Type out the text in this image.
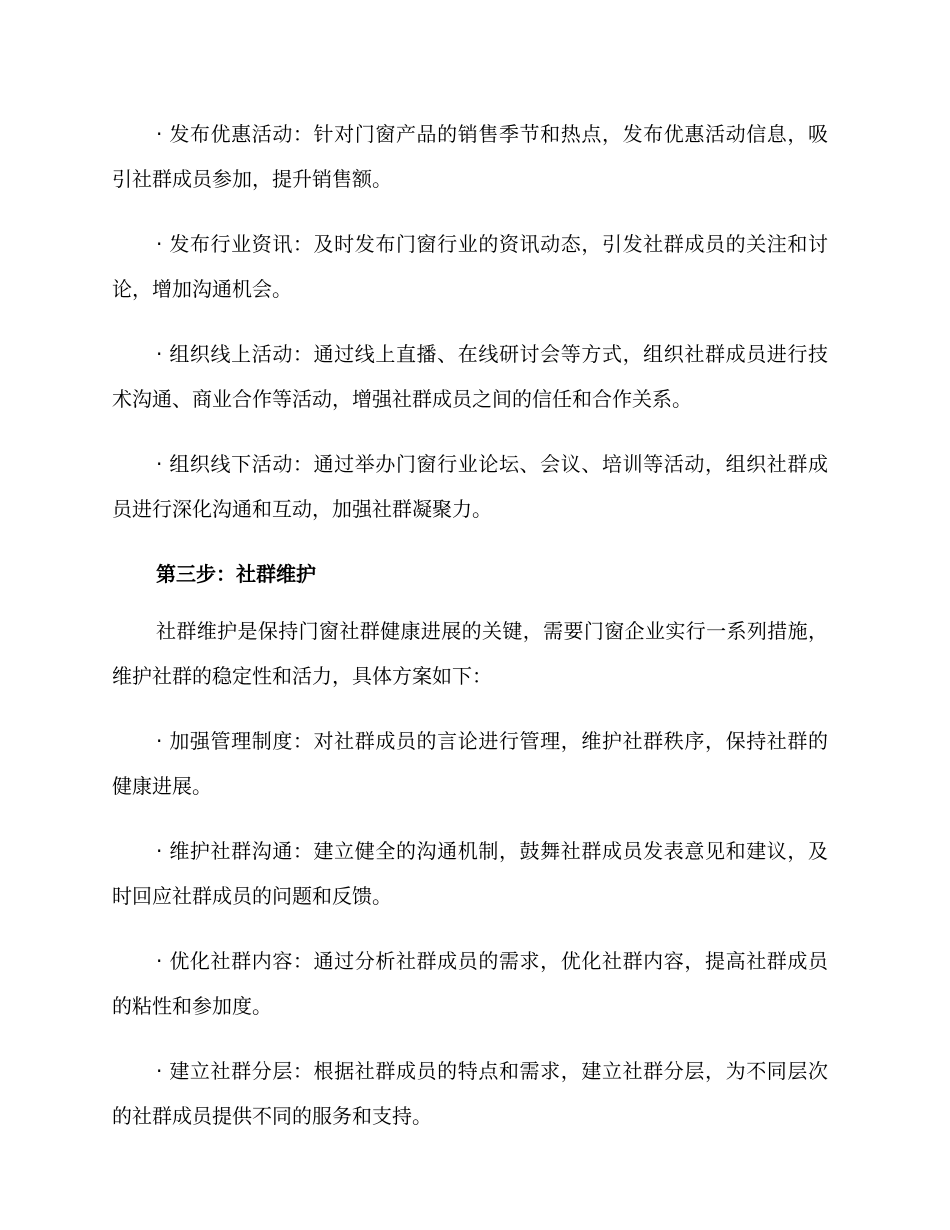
· 发布优惠活动：针对门窗产品的销售季节和热点，发布优惠活动信息，吸引社群成员参加，提升销售额。

· 发布行业资讯：及时发布门窗行业的资讯动态，引发社群成员的关注和讨论，增加沟通机会。

· 组织线上活动：通过线上直播、在线研讨会等方式，组织社群成员进行技术沟通、商业合作等活动，增强社群成员之间的信任和合作关系。

· 组织线下活动：通过举办门窗行业论坛、会议、培训等活动，组织社群成员进行深化沟通和互动，加强社群凝聚力。

第三步：社群维护

社群维护是保持门窗社群健康进展的关键，需要门窗企业实行一系列措施，维护社群的稳定性和活力，具体方案如下：

· 加强管理制度：对社群成员的言论进行管理，维护社群秩序，保持社群的健康进展。

· 维护社群沟通：建立健全的沟通机制，鼓舞社群成员发表意见和建议，及时回应社群成员的问题和反馈。

· 优化社群内容：通过分析社群成员的需求，优化社群内容，提高社群成员的粘性和参加度。

· 建立社群分层：根据社群成员的特点和需求，建立社群分层，为不同层次的社群成员提供不同的服务和支持。
